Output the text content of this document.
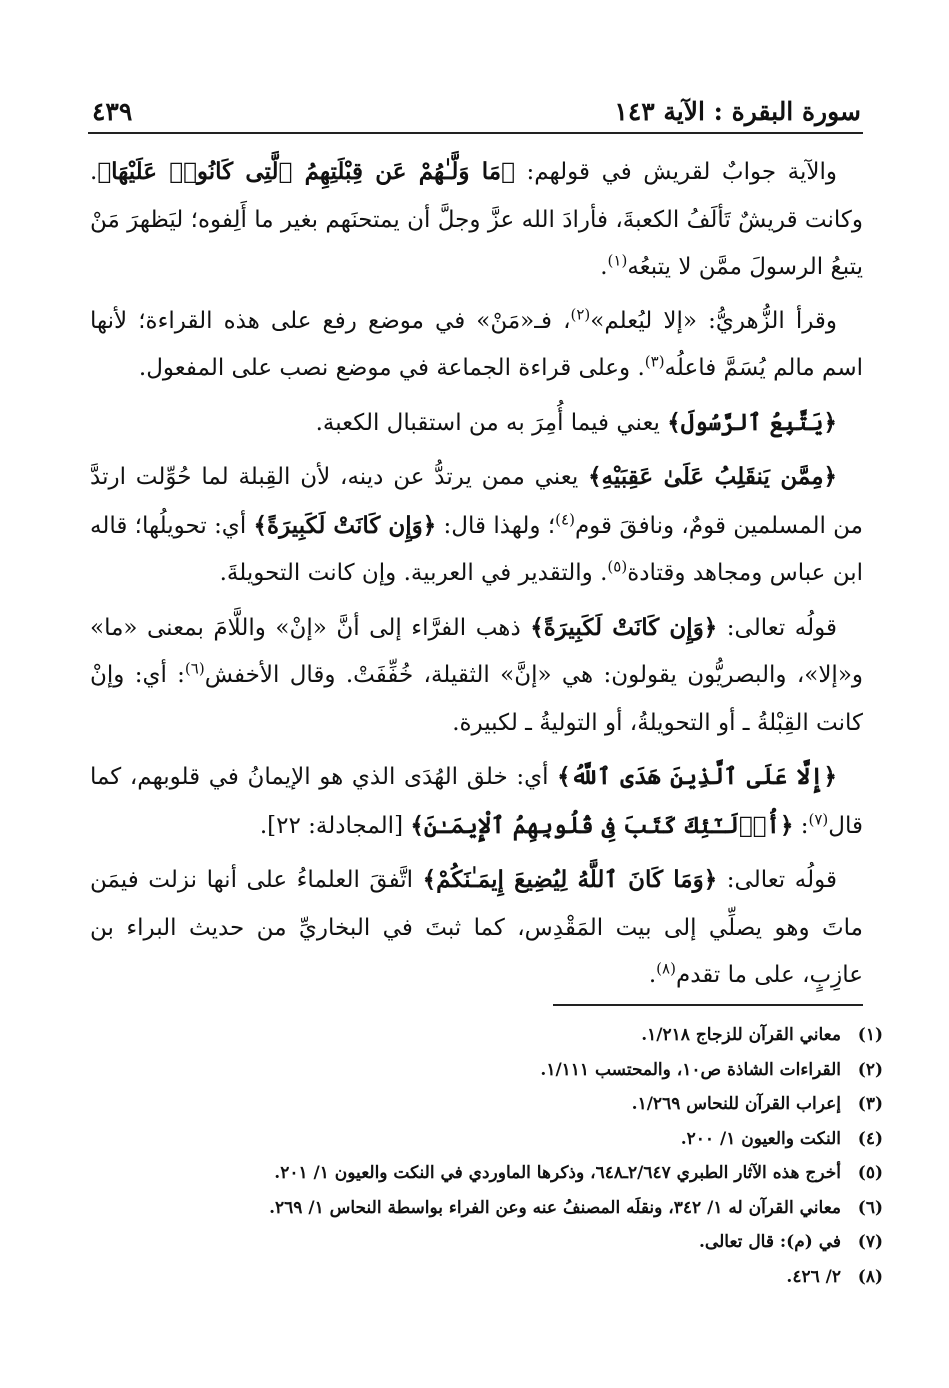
سورة البقرة : الآية ١٤٣
٤٣٩

والآية جوابٌ لقريش في قولهم: ﴿مَا وَلَّـٰهُمْ عَن قِبْلَتِهِمُ ٱلَّتِى كَانُوا۟ عَلَيْهَا﴾. وكانت قريشٌ تَألَفُ الكعبةَ، فأرادَ الله عزَّ وجلَّ أن يمتحنَهم بغير ما أَلِفوه؛ ليَظهرَ مَنْ يتبعُ الرسولَ ممَّن لا يتبعُه$^{(١)}$.

وقرأ الزُّهريُّ: «إلا ليُعلم»$^{(٢)}$، فـ«مَنْ» في موضع رفع على هذه القراءة؛ لأنها اسم مالم يُسَمَّ فاعلُه$^{(٣)}$. وعلى قراءة الجماعة في موضع نصب على المفعول.

﴿يَتَّبِعُ ٱلرَّسُولَ﴾ يعني فيما أُمِرَ به من استقبال الكعبة.

﴿مِمَّن يَنقَلِبُ عَلَىٰ عَقِبَيْهِ﴾ يعني ممن يرتدُّ عن دينه، لأن القِبلة لما حُوِّلت ارتدَّ من المسلمين قومٌ، ونافقَ قوم$^{(٤)}$؛ ولهذا قال: ﴿وَإِن كَانَتْ لَكَبِيرَةً﴾ أي: تحويلُها؛ قاله ابن عباس ومجاهد وقتادة$^{(٥)}$. والتقدير في العربية. وإن كانت التحويلةَ.

قولُه تعالى: ﴿وَإِن كَانَتْ لَكَبِيرَةً﴾ ذهب الفرَّاء إلى أنَّ «إنْ» واللَّامَ بمعنى «ما» و«إلا»، والبصريُّون يقولون: هي «إنَّ» الثقيلة، خُفِّفَتْ. وقال الأخفش$^{(٦)}$: أي: وإنْ كانت القِبْلةُ ـ أو التحويلةُ، أو التوليةُ ـ لكبيرة.

﴿إِلَّا عَلَى ٱلَّذِينَ هَدَى ٱللَّهُ﴾ أي: خلق الهُدَى الذي هو الإيمانُ في قلوبهم، كما قال$^{(٧)}$: ﴿أُو۟لَـٰٓئِكَ كَتَبَ فِى قُلُوبِهِمُ ٱلْإِيمَـٰنَ﴾ [المجادلة: ٢٢].

قولُه تعالى: ﴿وَمَا كَانَ ٱللَّهُ لِيُضِيعَ إِيمَـٰنَكُمْ﴾ اتَّفقَ العلماءُ على أنها نزلت فيمَن ماتَ وهو يصلِّي إلى بيت المَقْدِس، كما ثبتَ في البخاريِّ من حديث البراء بن عازِبٍ، على ما تقدم$^{(٨)}$.

(١)
معاني القرآن للزجاج ١/٢١٨.
(٢)
القراءات الشاذة ص١٠، والمحتسب ١/١١١.
(٣)
إعراب القرآن للنحاس ١/٢٦٩.
(٤)
النكت والعيون ١/ ٢٠٠.
(٥)
أخرج هذه الآثار الطبري ٢/٦٤٧ـ٦٤٨، وذكرها الماوردي في النكت والعيون ١/ ٢٠١.
(٦)
معاني القرآن له ١/ ٣٤٢، ونقلَه المصنفُ عنه وعن الفراء بواسطة النحاس ١/ ٢٦٩.
(٧)
في (م): قال تعالى.
(٨)
٢/ ٤٢٦.
